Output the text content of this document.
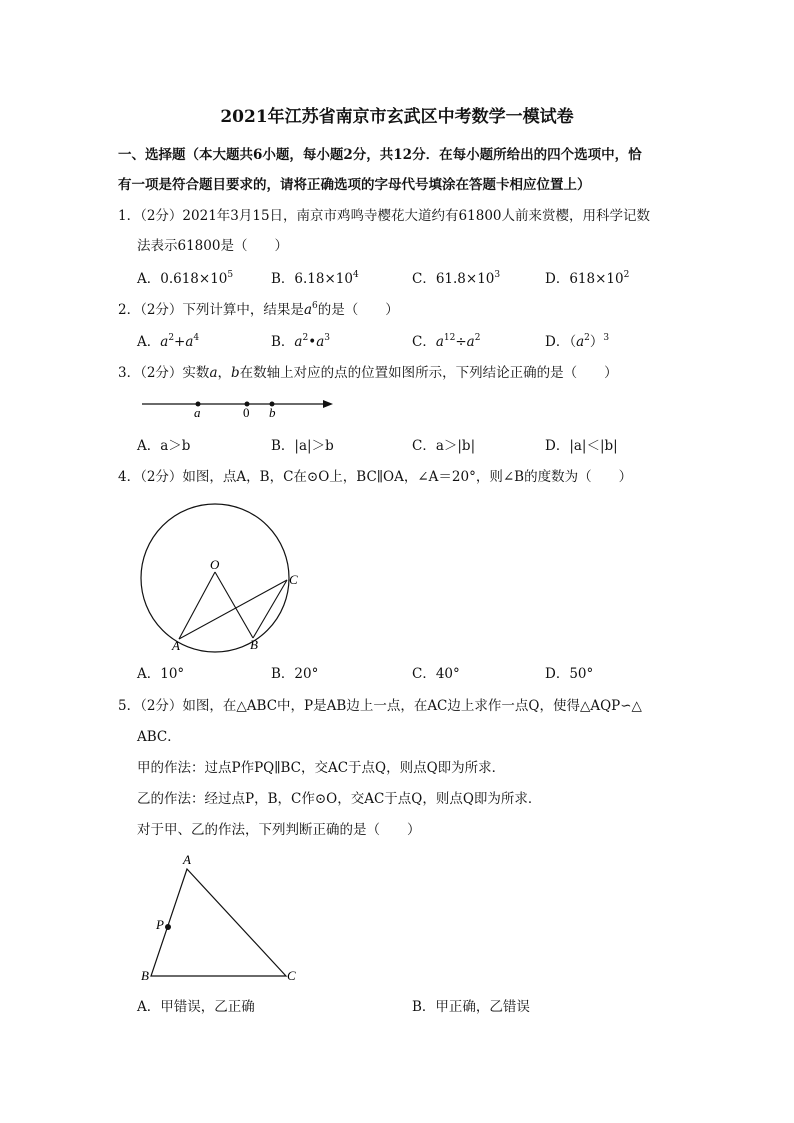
2021年江苏省南京市玄武区中考数学一模试卷
一、选择题（本大题共6小题，每小题2分，共12分．在每小题所给出的四个选项中，恰
有一项是符合题目要求的，请将正确选项的字母代号填涂在答题卡相应位置上）
1．（2分）2021年3月15日，南京市鸡鸣寺樱花大道约有61800人前来赏樱，用科学记数
法表示61800是（　　）
A．$0.618\times 10^5$	B．$6.18\times 10^4$	C．$61.8\times 10^3$	D．$618\times 10^2$
2．（2分）下列计算中，结果是$a^6$的是（　　）
A．$a^2+a^4$	B．$a^2•a^3$	C．$a^{12}\div a^2$	D．$(a^2)^3$
3．（2分）实数a，b在数轴上对应的点的位置如图所示，下列结论正确的是（　　）
a	0 b
A．a＞b	B．|a|＞b	C．a＞|b|	D．|a|＜|b|
4．（2分）如图，点A，B，C在⊙O上，BC∥OA，∠A＝20°，则∠B的度数为（　　）
O
A	B
C
A．10°	B．20°	C．40°	D．50°
5．（2分）如图，在△ABC中，P是AB边上一点，在AC边上求作一点Q，使得△AQP∽△
ABC．
甲的作法：过点P作PQ∥BC，交AC于点Q，则点Q即为所求．
乙的作法：经过点P，B，C作⊙O，交AC于点Q，则点Q即为所求．
对于甲、乙的作法，下列判断正确的是（　　）
A
P
B	C
A．甲错误，乙正确	B．甲正确，乙错误
